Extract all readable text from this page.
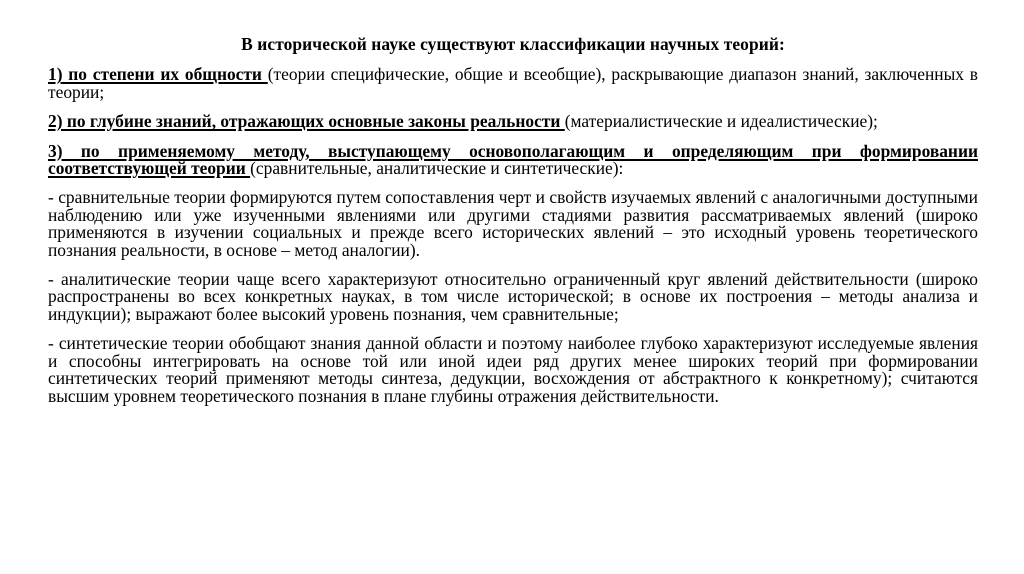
В исторической науке существуют классификации научных теорий:
1) по степени их общности (теории специфические, общие и всеобщие), раскрывающие диапазон знаний, заключенных в теории;
2) по глубине знаний, отражающих основные законы реальности (материалистические и идеалистические);
3) по применяемому методу, выступающему основополагающим и определяющим при формировании соответствующей теории (сравнительные, аналитические и синтетические):
- сравнительные теории формируются путем сопоставления черт и свойств изучаемых явлений с аналогичными доступными наблюдению или уже изученными явлениями или другими стадиями развития рассматриваемых явлений (широко применяются в изучении социальных и прежде всего исторических явлений – это исходный уровень теоретического познания реальности, в основе – метод аналогии).
- аналитические теории чаще всего характеризуют относительно ограниченный круг явлений действительности (широко распространены во всех конкретных науках, в том числе исторической; в основе их построения – методы анализа и индукции); выражают более высокий уровень познания, чем сравнительные;
- синтетические теории обобщают знания данной области и поэтому наиболее глубоко характеризуют исследуемые явления и способны интегрировать на основе той или иной идеи ряд других менее широких теорий при формировании синтетических теорий применяют методы синтеза, дедукции, восхождения от абстрактного к конкретному); считаются высшим уровнем теоретического познания в плане глубины отражения действительности.
